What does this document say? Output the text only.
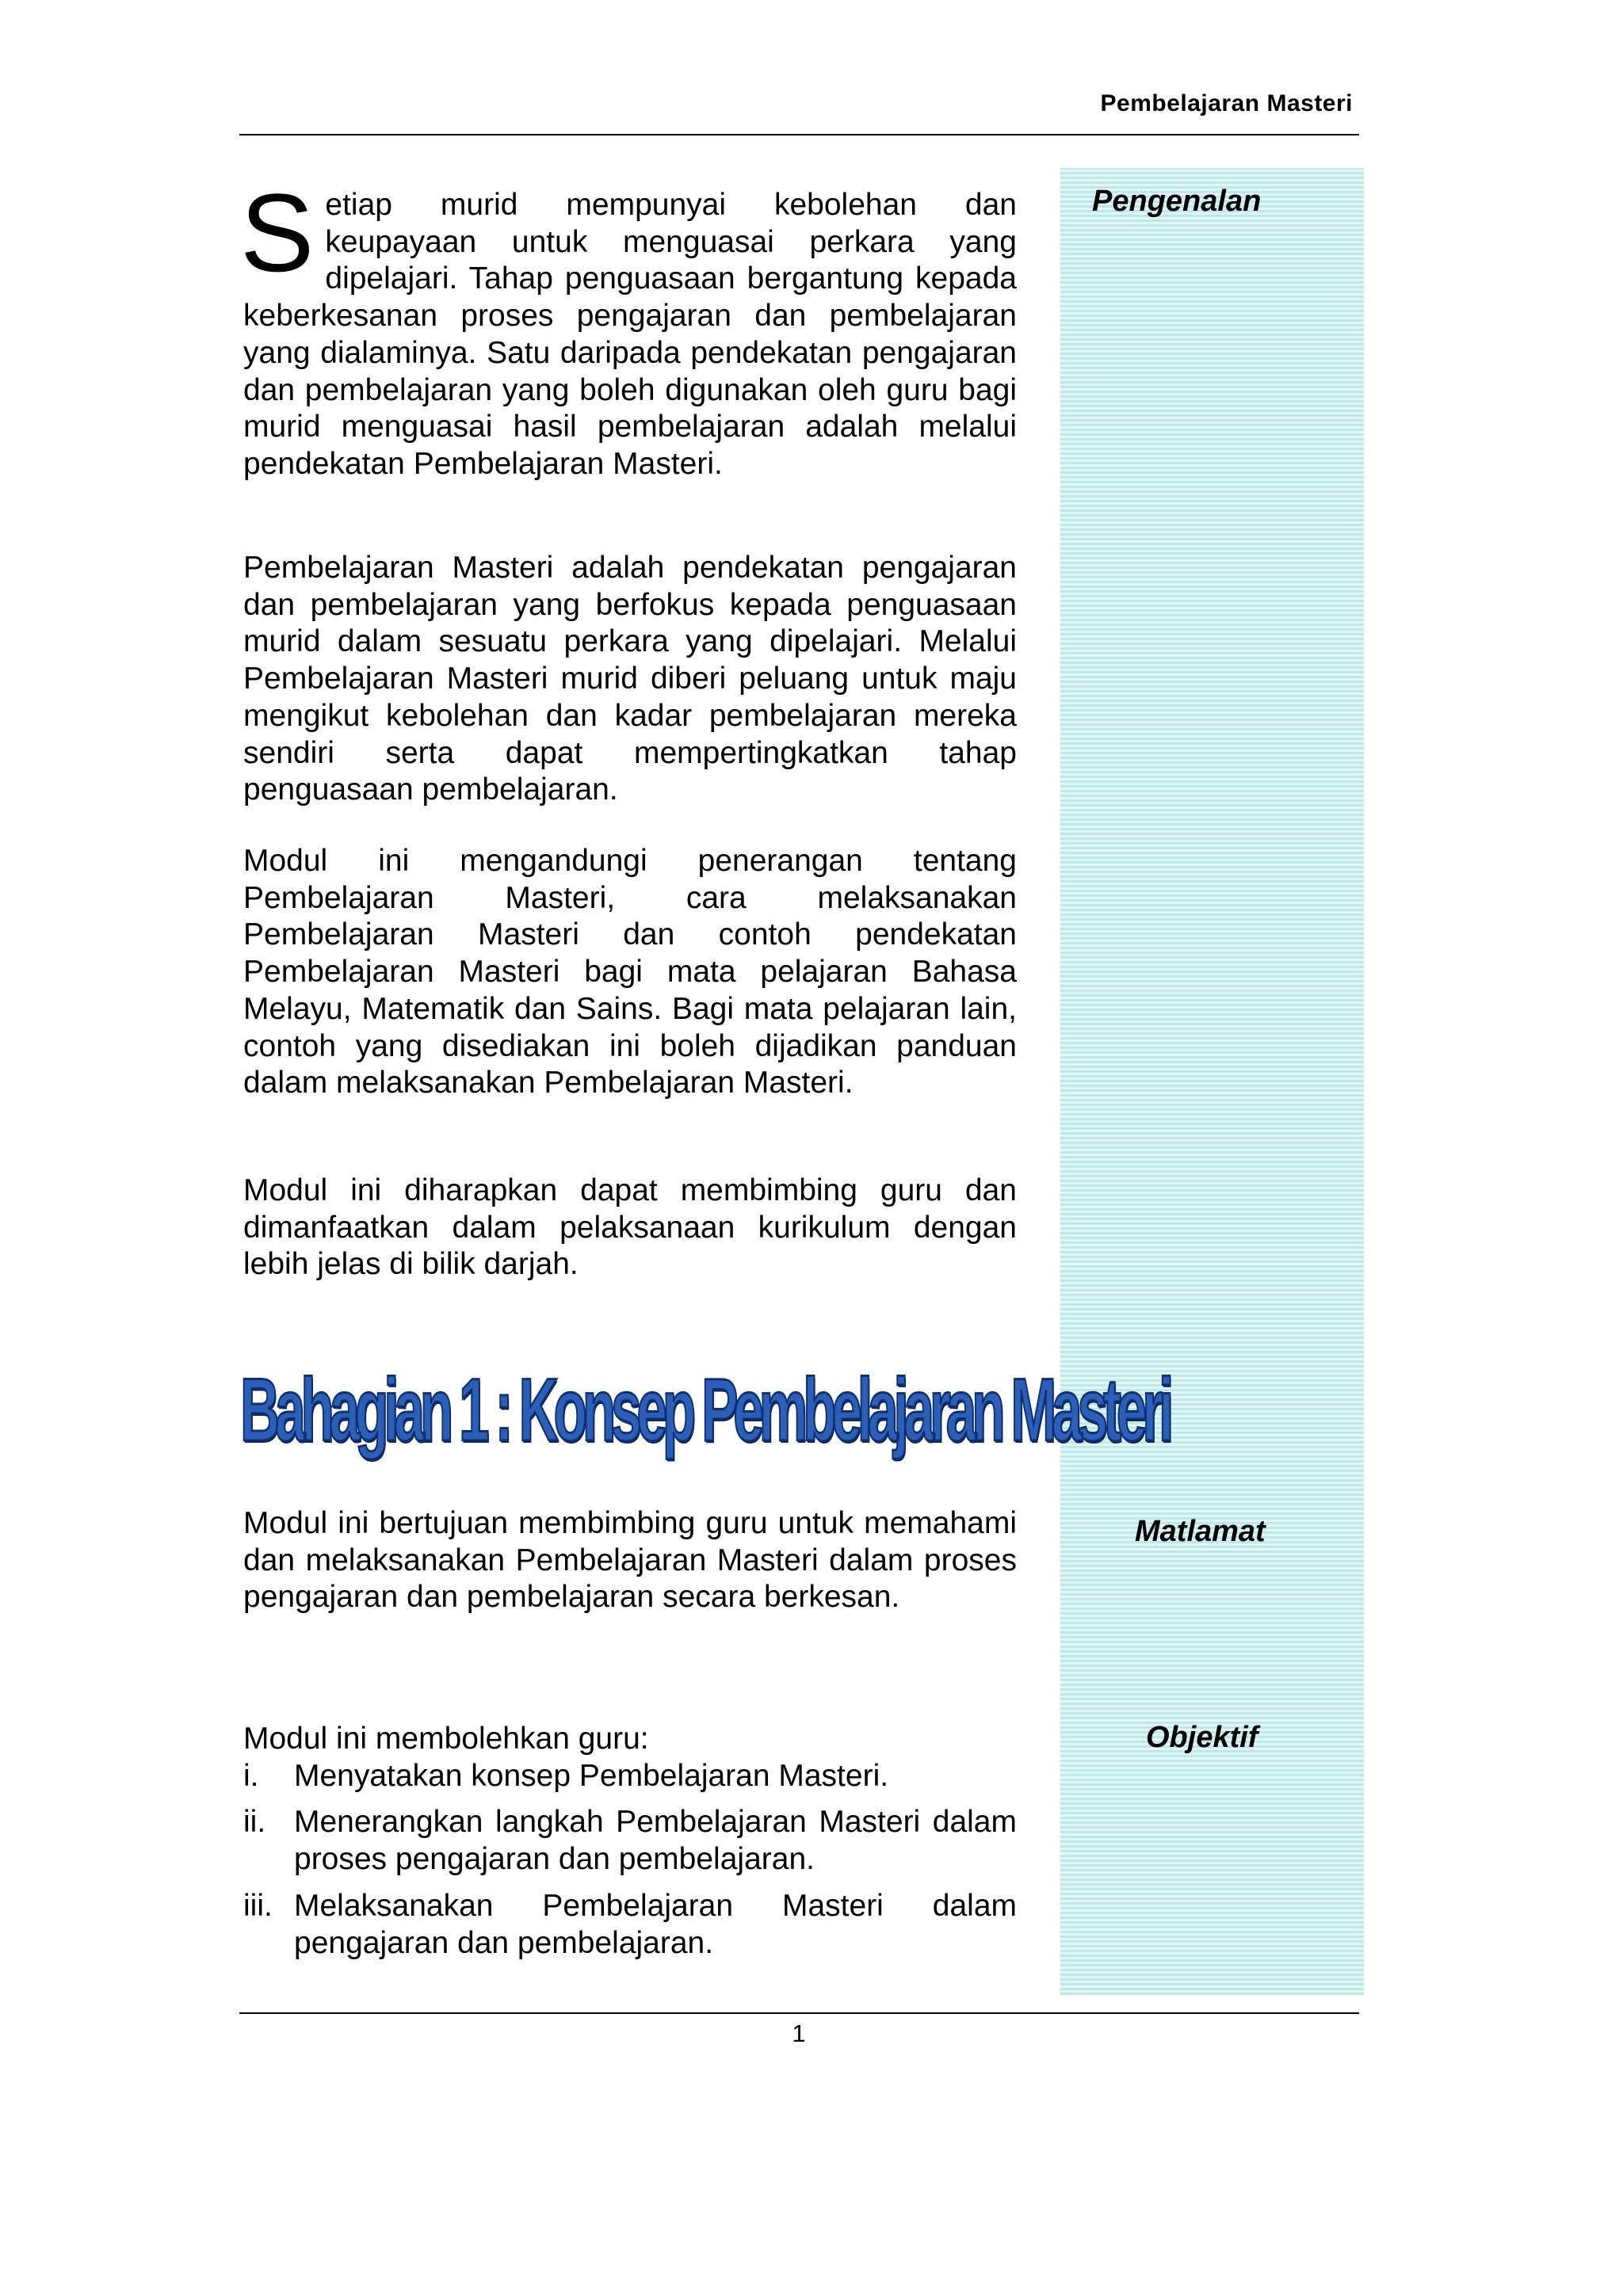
Pembelajaran Masteri
Pengenalan
Matlamat
Objektif

S etiap murid mempunyai kebolehan dan keupayaan untuk menguasai perkara yang dipelajari. Tahap penguasaan bergantung kepada keberkesanan proses pengajaran dan pembelajaran yang dialaminya. Satu daripada pendekatan pengajaran dan pembelajaran yang boleh digunakan oleh guru bagi murid menguasai hasil pembelajaran adalah melalui pendekatan Pembelajaran Masteri.

Pembelajaran Masteri adalah pendekatan pengajaran dan pembelajaran yang berfokus kepada penguasaan murid dalam sesuatu perkara yang dipelajari. Melalui Pembelajaran Masteri murid diberi peluang untuk maju mengikut kebolehan dan kadar pembelajaran mereka sendiri serta dapat mempertingkatkan tahap penguasaan pembelajaran.

Modul ini mengandungi penerangan tentang Pembelajaran Masteri, cara melaksanakan Pembelajaran Masteri dan contoh pendekatan Pembelajaran Masteri bagi mata pelajaran Bahasa Melayu, Matematik dan Sains. Bagi mata pelajaran lain, contoh yang disediakan ini boleh dijadikan panduan dalam melaksanakan Pembelajaran Masteri.

Modul ini diharapkan dapat membimbing guru dan dimanfaatkan dalam pelaksanaan kurikulum dengan lebih jelas di bilik darjah.

Bahagian 1 : Konsep Pembelajaran Masteri

Modul ini bertujuan membimbing guru untuk memahami dan melaksanakan Pembelajaran Masteri dalam proses pengajaran dan pembelajaran secara berkesan.

Modul ini membolehkan guru:

i.	Menyatakan konsep Pembelajaran Masteri.
ii. Menerangkan langkah Pembelajaran Masteri dalam proses pengajaran dan pembelajaran.
iii. Melaksanakan Pembelajaran Masteri dalam pengajaran dan pembelajaran.
1
